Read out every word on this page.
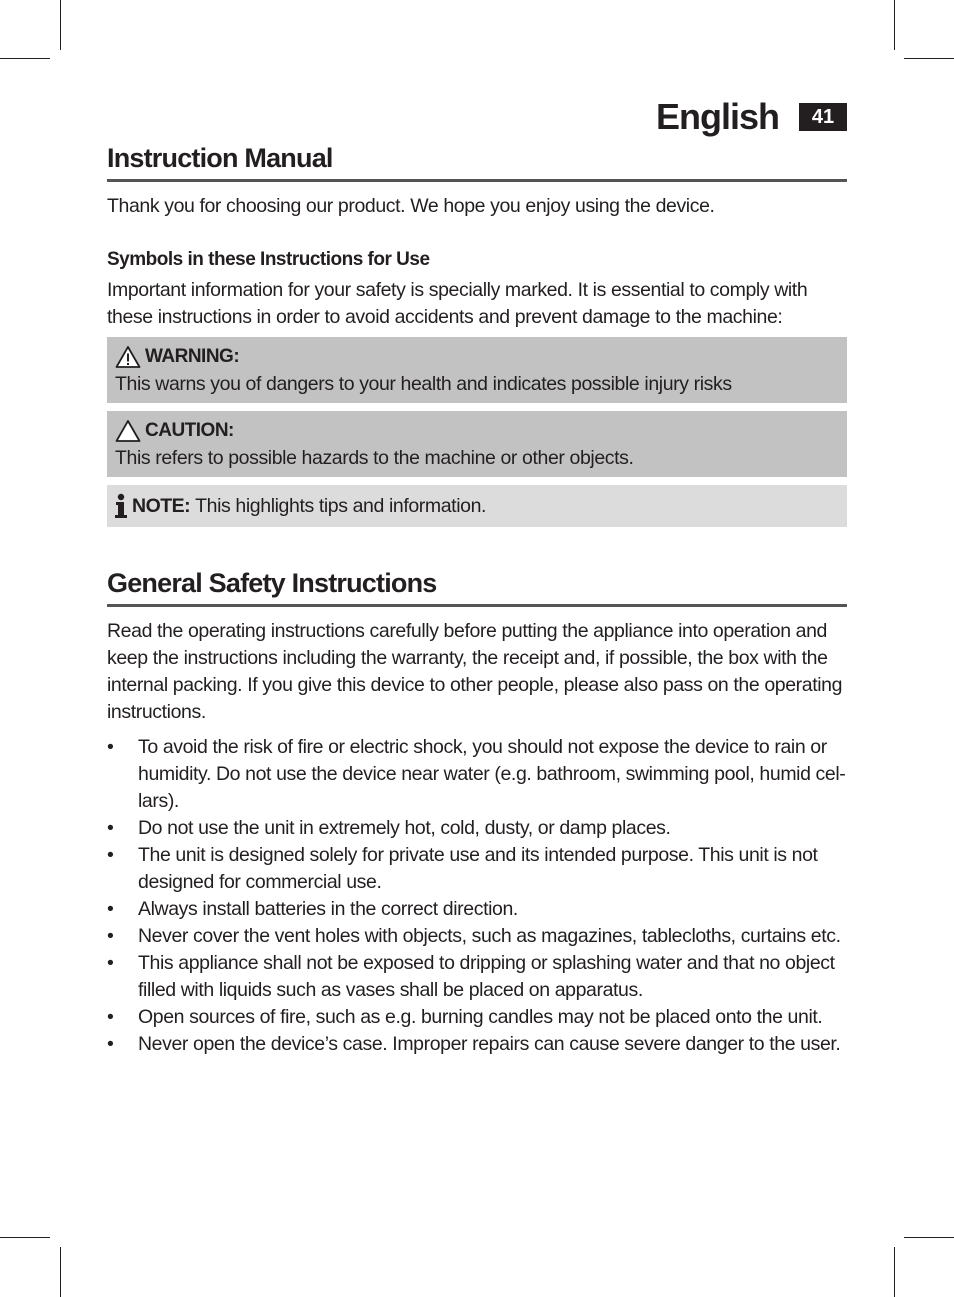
English	41
Instruction Manual

Thank you for choosing our product. We hope you enjoy using the device.

Symbols in these Instructions for Use

Important information for your safety is specially marked. It is essential to comply with these instructions in order to avoid accidents and prevent damage to the machine:

WARNING:
This warns you of dangers to your health and indicates possible injury risks
CAUTION:
This refers to possible hazards to the machine or other objects.
NOTE: This highlights tips and information.
General Safety Instructions

Read the operating instructions carefully before putting the appliance into operation and keep the instructions including the warranty, the receipt and, if possible, the box with the internal packing. If you give this device to other people, please also pass on the operating instructions.

• To avoid the risk of fire or electric shock, you should not expose the device to rain or humidity. Do not use the device near water (e.g. bathroom, swimming pool, humid cel-lars).
• Do not use the unit in extremely hot, cold, dusty, or damp places.
• The unit is designed solely for private use and its intended purpose. This unit is not designed for commercial use.
• Always install batteries in the correct direction.
• Never cover the vent holes with objects, such as magazines, tablecloths, curtains etc.
• This appliance shall not be exposed to dripping or splashing water and that no object filled with liquids such as vases shall be placed on apparatus.
• Open sources of fire, such as e.g. burning candles may not be placed onto the unit.
• Never open the device’s case. Improper repairs can cause severe danger to the user.
